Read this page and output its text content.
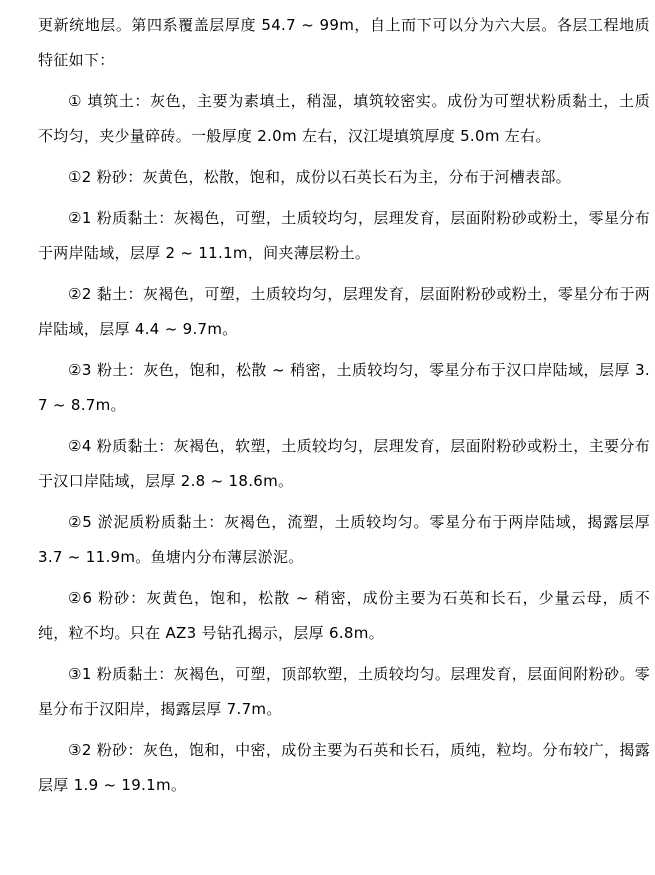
更新统地层。第四系覆盖层厚度 54.7 ~ 99m，自上而下可以分为六大层。各层工程地质特征如下：

① 填筑土：灰色，主要为素填土，稍湿，填筑较密实。成份为可塑状粉质黏土，土质不均匀，夹少量碎砖。一般厚度 2.0m 左右，汉江堤填筑厚度 5.0m 左右。

①2 粉砂：灰黄色，松散，饱和，成份以石英长石为主，分布于河槽表部。

②1 粉质黏土：灰褐色，可塑，土质较均匀，层理发育，层面附粉砂或粉土，零星分布于两岸陆域，层厚 2 ~ 11.1m，间夹薄层粉土。

②2 黏土：灰褐色，可塑，土质较均匀，层理发育，层面附粉砂或粉土，零星分布于两岸陆域，层厚 4.4 ~ 9.7m。

②3 粉土：灰色，饱和，松散 ~ 稍密，土质较均匀，零星分布于汉口岸陆域，层厚 3.7 ~ 8.7m。

②4 粉质黏土：灰褐色，软塑，土质较均匀，层理发育，层面附粉砂或粉土，主要分布于汉口岸陆域，层厚 2.8 ~ 18.6m。

②5 淤泥质粉质黏土：灰褐色，流塑，土质较均匀。零星分布于两岸陆域，揭露层厚 3.7 ~ 11.9m。鱼塘内分布薄层淤泥。

②6 粉砂：灰黄色，饱和，松散 ~ 稍密，成份主要为石英和长石，少量云母，质不纯，粒不均。只在 AZ3 号钻孔揭示，层厚 6.8m。

③1 粉质黏土：灰褐色，可塑，顶部软塑，土质较均匀。层理发育，层面间附粉砂。零星分布于汉阳岸，揭露层厚 7.7m。

③2 粉砂：灰色，饱和，中密，成份主要为石英和长石，质纯，粒均。分布较广，揭露层厚 1.9 ~ 19.1m。
